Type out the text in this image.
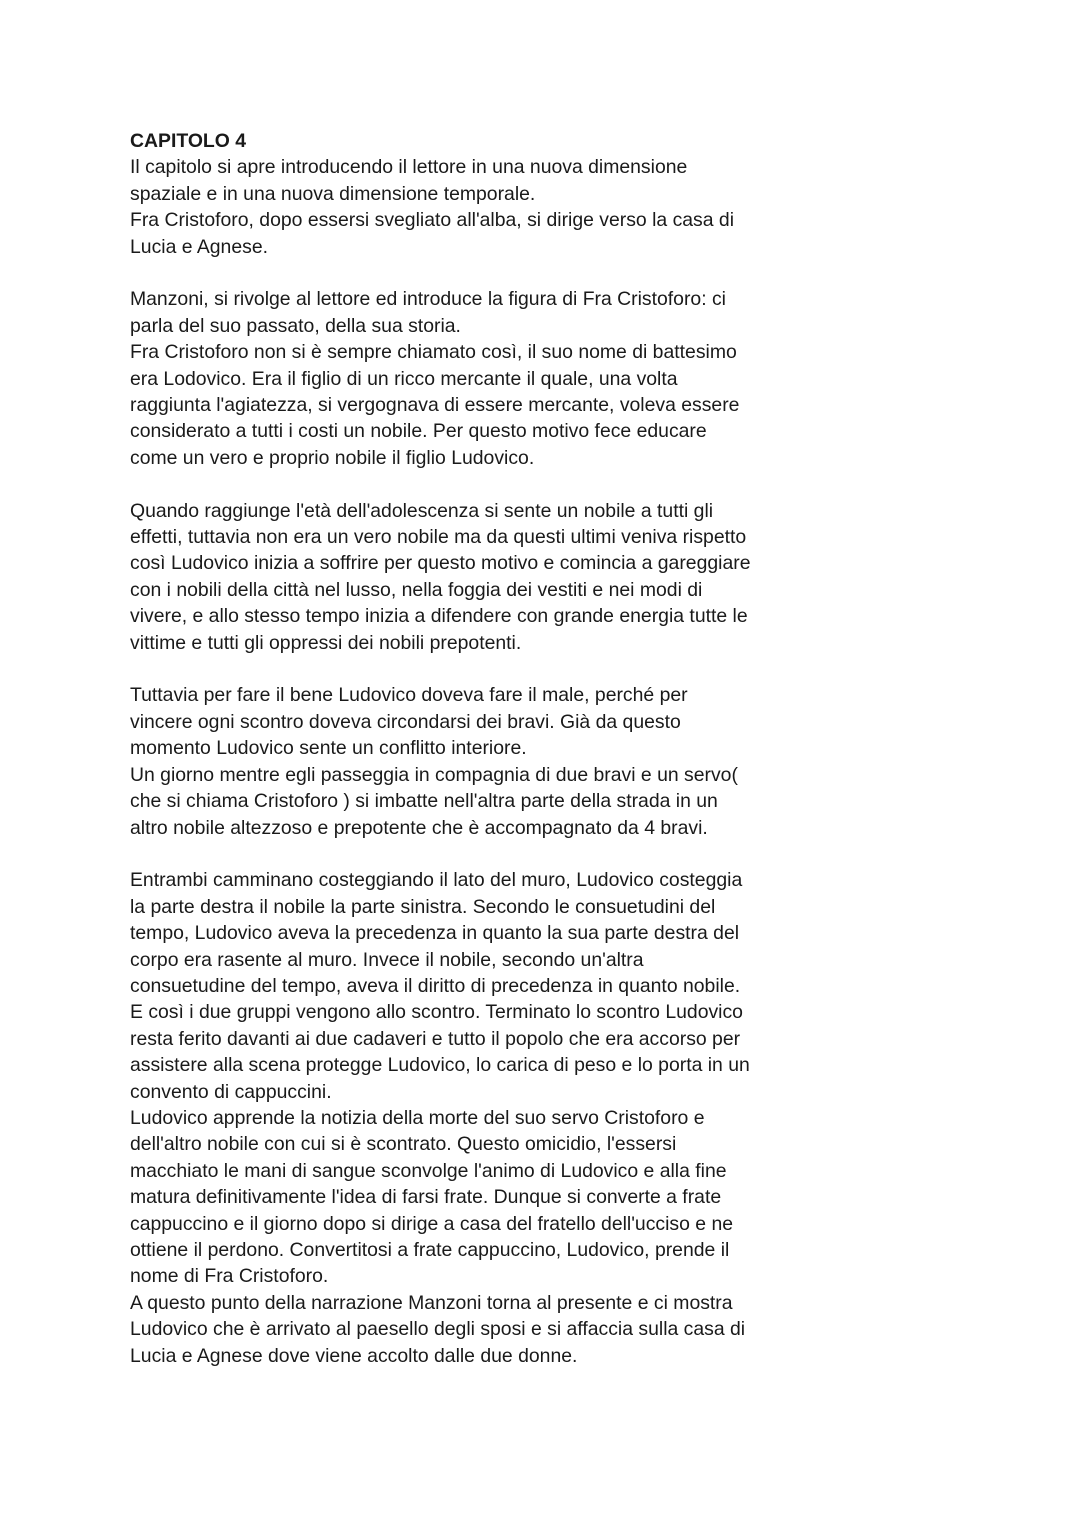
CAPITOLO 4

Il capitolo si apre introducendo il lettore in una nuova dimensione
spaziale e in una nuova dimensione temporale.
Fra Cristoforo, dopo essersi svegliato all'alba, si dirige verso la casa di
Lucia e Agnese.

Manzoni, si rivolge al lettore ed introduce la figura di Fra Cristoforo: ci
parla del suo passato, della sua storia.
Fra Cristoforo non si è sempre chiamato così, il suo nome di battesimo
era Lodovico. Era il figlio di un ricco mercante il quale, una volta
raggiunta l'agiatezza, si vergognava di essere mercante, voleva essere
considerato a tutti i costi un nobile. Per questo motivo fece educare
come un vero e proprio nobile il figlio Ludovico.

Quando raggiunge l'età dell'adolescenza si sente un nobile a tutti gli
effetti, tuttavia non era un vero nobile ma da questi ultimi veniva rispetto
così Ludovico inizia a soffrire per questo motivo e comincia a gareggiare
con i nobili della città nel lusso, nella foggia dei vestiti e nei modi di
vivere, e allo stesso tempo inizia a difendere con grande energia tutte le
vittime e tutti gli oppressi dei nobili prepotenti.

Tuttavia per fare il bene Ludovico doveva fare il male, perché per
vincere ogni scontro doveva circondarsi dei bravi. Già da questo
momento Ludovico sente un conflitto interiore.
Un giorno mentre egli passeggia in compagnia di due bravi e un servo(
che si chiama Cristoforo ) si imbatte nell'altra parte della strada in un
altro nobile altezzoso e prepotente che è accompagnato da 4 bravi.

Entrambi camminano costeggiando il lato del muro, Ludovico costeggia
la parte destra il nobile la parte sinistra. Secondo le consuetudini del
tempo, Ludovico aveva la precedenza in quanto la sua parte destra del
corpo era rasente al muro. Invece il nobile, secondo un'altra
consuetudine del tempo, aveva il diritto di precedenza in quanto nobile.
E così i due gruppi vengono allo scontro. Terminato lo scontro Ludovico
resta ferito davanti ai due cadaveri e tutto il popolo che era accorso per
assistere alla scena protegge Ludovico, lo carica di peso e lo porta in un
convento di cappuccini.
Ludovico apprende la notizia della morte del suo servo Cristoforo e
dell'altro nobile con cui si è scontrato. Questo omicidio, l'essersi
macchiato le mani di sangue sconvolge l'animo di Ludovico e alla fine
matura definitivamente l'idea di farsi frate. Dunque si converte a frate
cappuccino e il giorno dopo si dirige a casa del fratello dell'ucciso e ne
ottiene il perdono. Convertitosi a frate cappuccino, Ludovico, prende il
nome di Fra Cristoforo.
A questo punto della narrazione Manzoni torna al presente e ci mostra
Ludovico che è arrivato al paesello degli sposi e si affaccia sulla casa di
Lucia e Agnese dove viene accolto dalle due donne.
